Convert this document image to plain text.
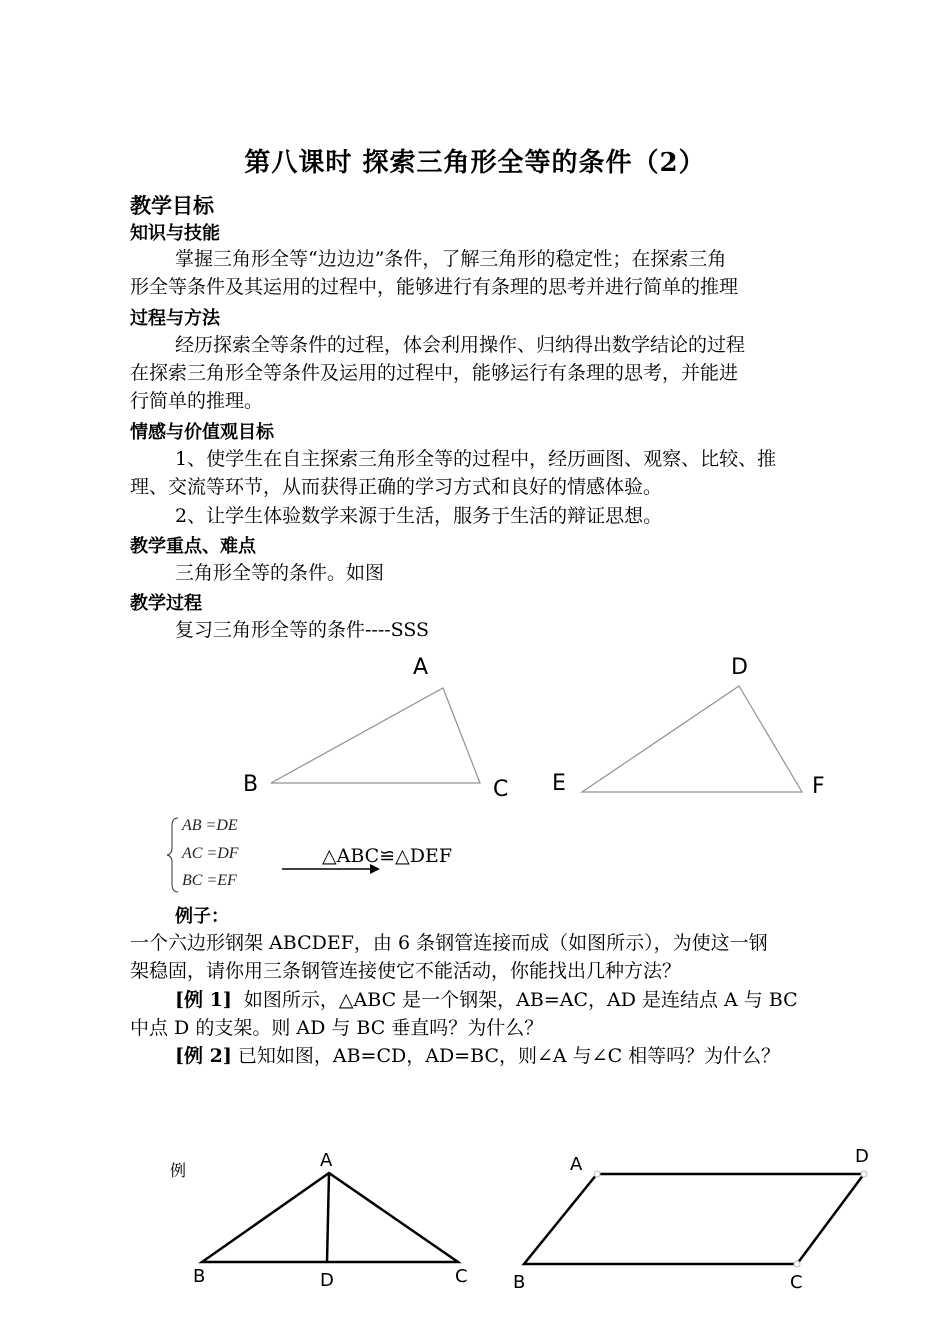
第八课时 探索三角形全等的条件（2）
教学目标
知识与技能
掌握三角形全等“边边边”条件，了解三角形的稳定性；在探索三角
形全等条件及其运用的过程中，能够进行有条理的思考并进行简单的推理
过程与方法
经历探索全等条件的过程，体会利用操作、归纳得出数学结论的过程
在探索三角形全等条件及运用的过程中，能够运行有条理的思考，并能进
行简单的推理。
情感与价值观目标
1、使学生在自主探索三角形全等的过程中，经历画图、观察、比较、推
理、交流等环节，从而获得正确的学习方式和良好的情感体验。
2、让学生体验数学来源于生活，服务于生活的辩证思想。
教学重点、难点
三角形全等的条件。如图
教学过程
复习三角形全等的条件----SSS
A
B	C
D
E	F
AB =DE
AC =DF
BC =EF
△ABC≌△DEF
例子：
一个六边形钢架 ABCDEF，由 6 条钢管连接而成（如图所示），为使这一钢
架稳固，请你用三条钢管连接使它不能活动，你能找出几种方法？
[例 1] 如图所示，△ABC 是一个钢架，AB=AC，AD 是连结点 A 与 BC
中点 D 的支架。则 AD 与 BC 垂直吗？为什么？
[例 2] 已知如图，AB=CD，AD=BC，则∠A 与∠C 相等吗？为什么？
例	A
B	C
D
A
B	C
D
